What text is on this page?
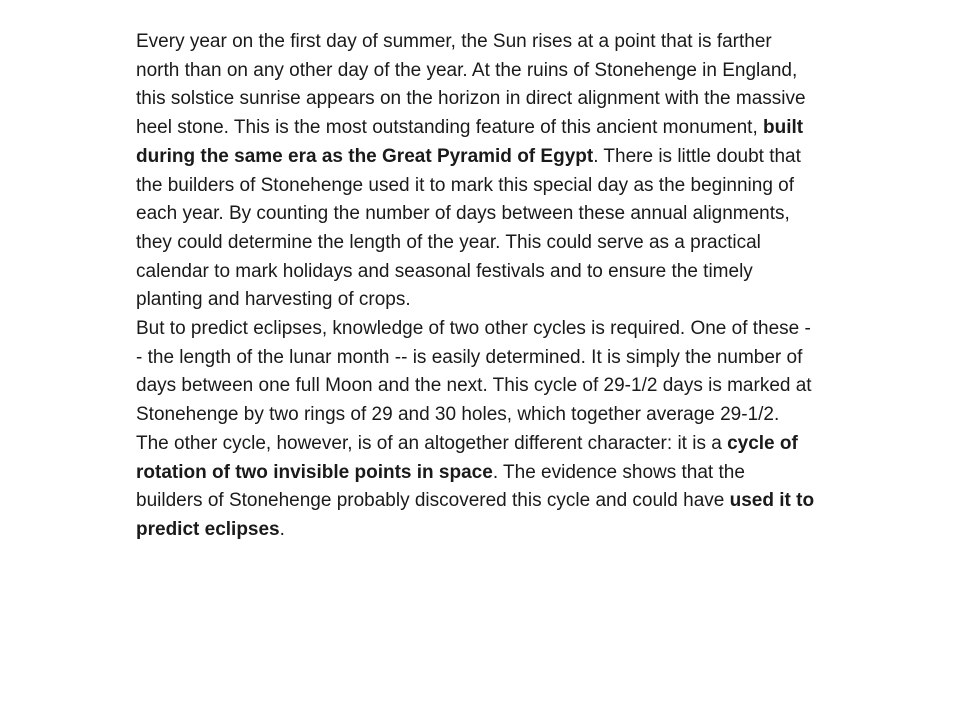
Every year on the first day of summer, the Sun rises at a point that is farther north than on any other day of the year. At the ruins of Stonehenge in England, this solstice sunrise appears on the horizon in direct alignment with the massive heel stone. This is the most outstanding feature of this ancient monument, built during the same era as the Great Pyramid of Egypt. There is little doubt that the builders of Stonehenge used it to mark this special day as the beginning of each year. By counting the number of days between these annual alignments, they could determine the length of the year. This could serve as a practical calendar to mark holidays and seasonal festivals and to ensure the timely planting and harvesting of crops.

But to predict eclipses, knowledge of two other cycles is required. One of these -- the length of the lunar month -- is easily determined. It is simply the number of days between one full Moon and the next. This cycle of 29-1/2 days is marked at Stonehenge by two rings of 29 and 30 holes, which together average 29-1/2. The other cycle, however, is of an altogether different character: it is a cycle of rotation of two invisible points in space. The evidence shows that the builders of Stonehenge probably discovered this cycle and could have used it to predict eclipses.
